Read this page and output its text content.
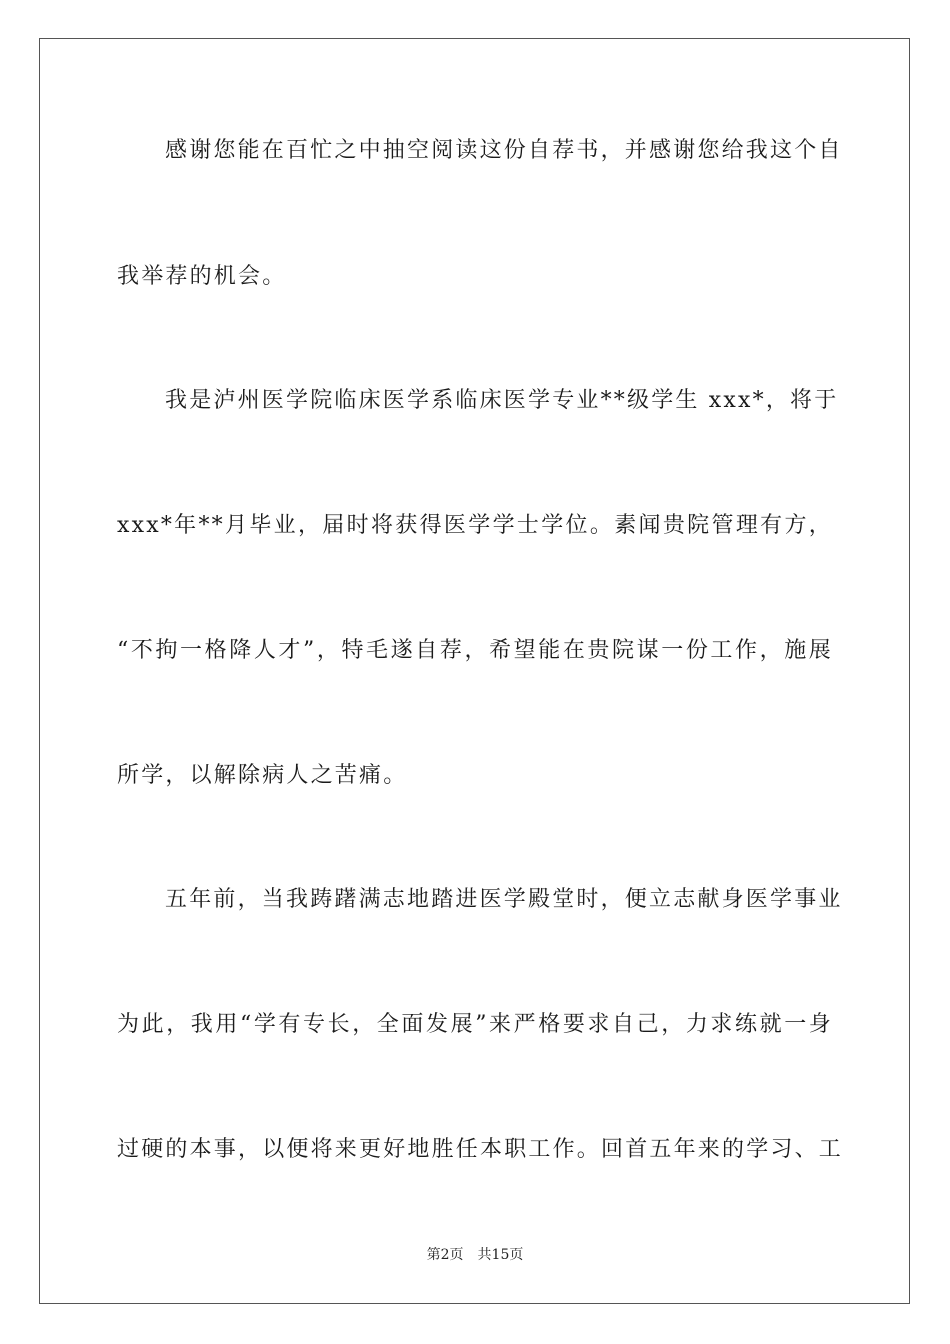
感谢您能在百忙之中抽空阅读这份自荐书，并感谢您给我这个自
我举荐的机会。
我是泸州医学院临床医学系临床医学专业**级学生 xxx*，将于
xxx*年**月毕业，届时将获得医学学士学位。素闻贵院管理有方，
“不拘一格降人才”，特毛遂自荐，希望能在贵院谋一份工作，施展
所学，以解除病人之苦痛。
五年前，当我踌躇满志地踏进医学殿堂时，便立志献身医学事业
为此，我用“学有专长，全面发展”来严格要求自己，力求练就一身
过硬的本事，以便将来更好地胜任本职工作。回首五年来的学习、工
第2页 共15页
